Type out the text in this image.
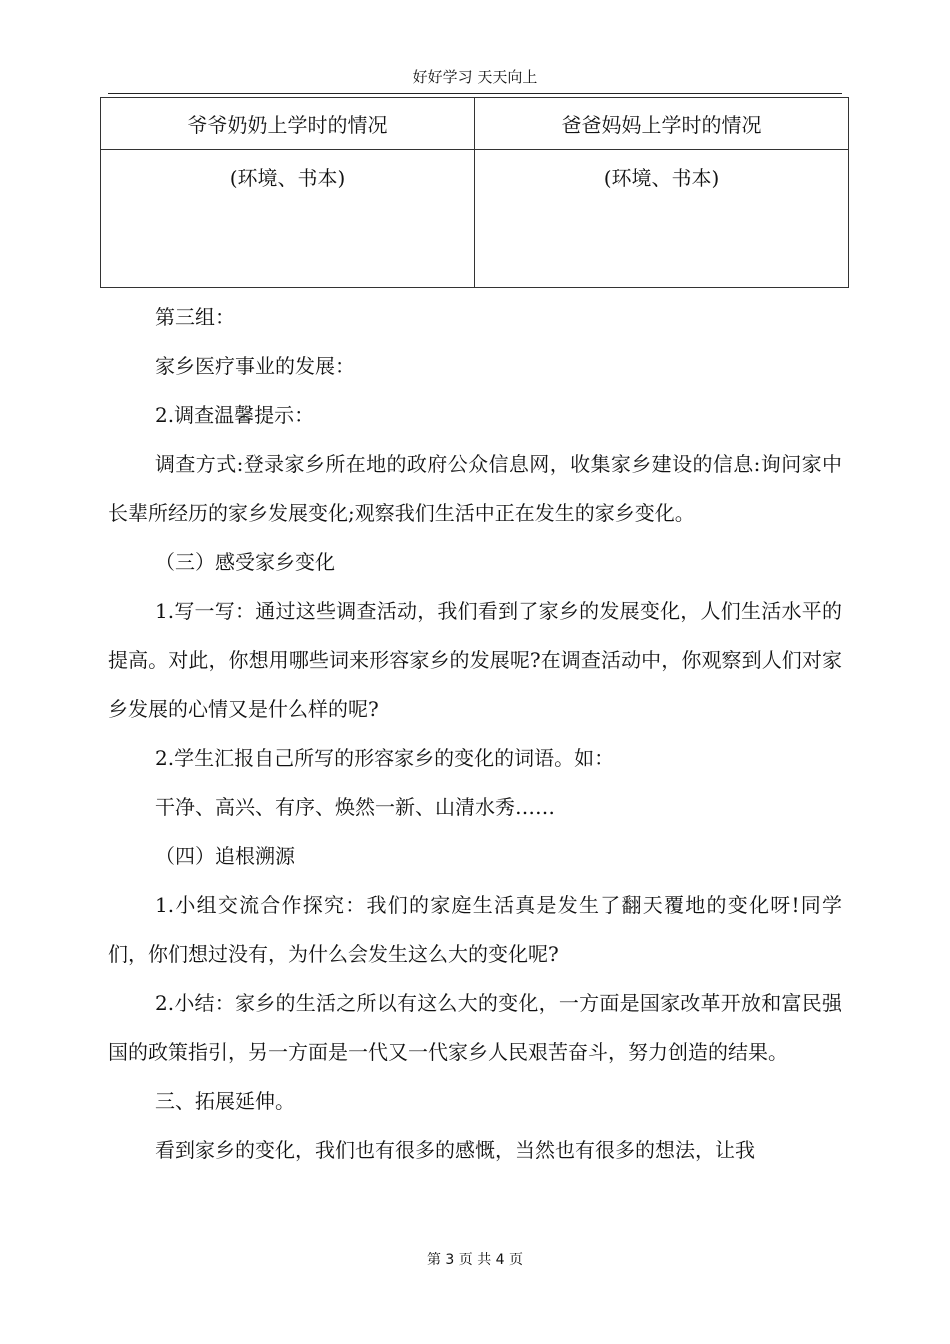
好好学习 天天向上
爷爷奶奶上学时的情况	爸爸妈妈上学时的情况
(环境、书本)	(环境、书本)

第三组：

家乡医疗事业的发展：

2.调查温馨提示：

调查方式:登录家乡所在地的政府公众信息网，收集家乡建设的信息:询问家中长辈所经历的家乡发展变化;观察我们生活中正在发生的家乡变化。

（三）感受家乡变化

1.写一写：通过这些调查活动，我们看到了家乡的发展变化，人们生活水平的提高。对此，你想用哪些词来形容家乡的发展呢?在调查活动中，你观察到人们对家乡发展的心情又是什么样的呢?

2.学生汇报自己所写的形容家乡的变化的词语。如：

干净、高兴、有序、焕然一新、山清水秀……

（四）追根溯源

1.小组交流合作探究：我们的家庭生活真是发生了翻天覆地的变化呀!同学们，你们想过没有，为什么会发生这么大的变化呢?

2.小结：家乡的生活之所以有这么大的变化，一方面是国家改革开放和富民强国的政策指引，另一方面是一代又一代家乡人民艰苦奋斗，努力创造的结果。

三、拓展延伸。

看到家乡的变化，我们也有很多的感慨，当然也有很多的想法，让我

第 3 页 共 4 页
